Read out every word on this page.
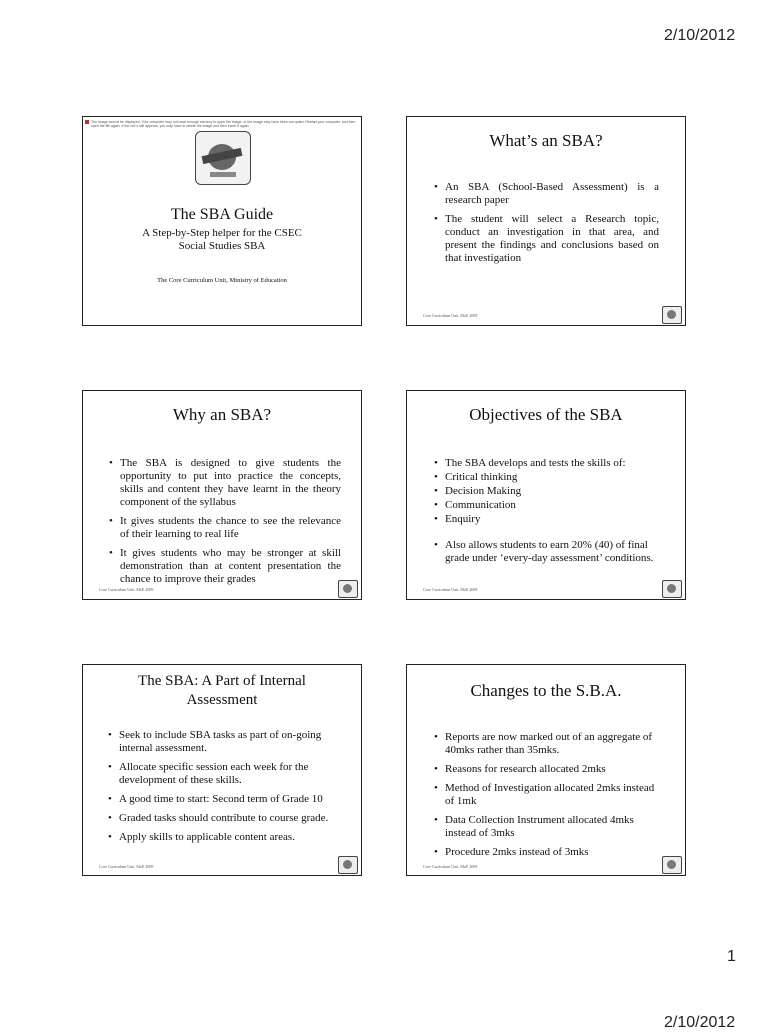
2/10/2012
The image cannot be displayed. Your computer may not have enough memory to open the image, or the image may have been corrupted. Restart your computer, and then open the file again. If the red x still appears, you may have to delete the image and then insert it again.
The SBA Guide
A Step-by-Step helper for the CSEC
Social Studies SBA
The Core Curriculum Unit, Ministry of Education
What’s an SBA?
• An SBA (School-Based Assessment) is a research paper
• The student will select a Research topic, conduct an investigation in that area, and present the findings and conclusions based on that investigation
Core Curriculum Unit, MoE 2009
Why an SBA?
• The SBA is designed to give students the opportunity to put into practice the concepts, skills and content they have learnt in the theory component of the syllabus
• It gives students the chance to see the relevance of their learning to real life
• It gives students who may be stronger at skill demonstration than at content presentation the chance to improve their grades
Core Curriculum Unit, MoE 2009
Objectives of the SBA
• The SBA develops and tests the skills of:
• Critical thinking
• Decision Making
• Communication
• Enquiry
• Also allows students to earn 20% (40) of final grade under ‘every-day assessment’ conditions.
Core Curriculum Unit, MoE 2009
The SBA: A Part of Internal
Assessment
• Seek to include SBA tasks as part of on-going internal assessment.
• Allocate specific session each week for the development of these skills.
• A good time to start: Second term of Grade 10
• Graded tasks should contribute to course grade.
• Apply skills to applicable content areas.
Core Curriculum Unit, MoE 2009
Changes to the S.B.A.
• Reports are now marked out of an aggregate of 40mks rather than 35mks.
• Reasons for research allocated 2mks
• Method of Investigation allocated 2mks instead of 1mk
• Data Collection Instrument allocated 4mks instead of 3mks
• Procedure 2mks instead of 3mks
Core Curriculum Unit, MoE 2009
1
2/10/2012
